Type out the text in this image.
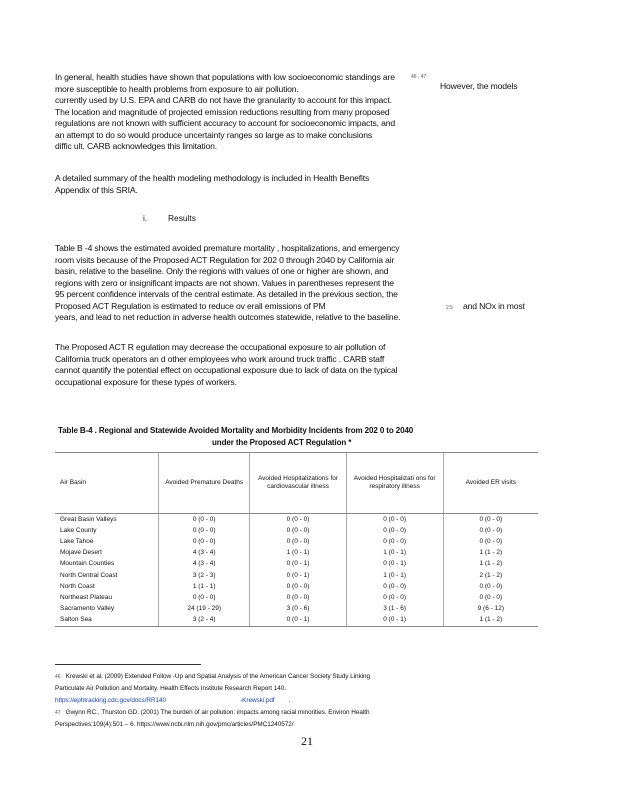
In general, health studies have shown that populations with low socioeconomic standings are	46 , 47
more susceptible to health problems from exposure to air pollution.	However, the models
currently used by U.S. EPA and CARB do not have the granularity to account for this impact.
The location and magnitude of projected emission reductions resulting from many proposed
regulations are not known with sufficient accuracy to account for socioeconomic impacts, and
an attempt to do so would produce uncertainty ranges so large as to make conclusions
diffic ult. CARB acknowledges this limitation.
A detailed summary of the health modeling methodology is included in Health Benefits
Appendix of this SRIA.
i. Results
Table B -4 shows the estimated avoided premature mortality , hospitalizations, and emergency
room visits because of the Proposed ACT Regulation for 202 0 through 2040 by California air
basin, relative to the baseline. Only the regions with values of one or higher are shown, and
regions with zero or insignificant impacts are not shown. Values in parentheses represent the
95 percent confidence intervals of the central estimate. As detailed in the previous section, the
Proposed ACT Regulation is estimated to reduce ov erall emissions of PM	2.5 and NOx in most
years, and lead to net reduction in adverse health outcomes statewide, relative to the baseline.
The Proposed ACT R egulation may decrease the occupational exposure to air pollution of
California truck operators an d other employees who work around truck traffic . CARB staff
cannot quantify the potential effect on occupational exposure due to lack of data on the typical
occupational exposure for these types of workers.
Table B-4 . Regional and Statewide Avoided Mortality and Morbidity Incidents from 202 0 to 2040
under the Proposed ACT Regulation *
Air Basin	Avoided Premature Deaths	Avoided Hospitalizations for cardiovascular illness	Avoided Hospitalizati ons for respiratory illness	Avoided ER visits
Great Basin Valleys	0 (0 - 0)	0 (0 - 0)	0 (0 - 0)	0 (0 - 0)
Lake County	0 (0 - 0)	0 (0 - 0)	0 (0 - 0)	0 (0 - 0)
Lake Tahoe	0 (0 - 0)	0 (0 - 0)	0 (0 - 0)	0 (0 - 0)
Mojave Desert	4 (3 - 4)	1 (0 - 1)	1 (0 - 1)	1 (1 - 2)
Mountain Counties	4 (3 - 4)	0 (0 - 1)	0 (0 - 1)	1 (1 - 2)
North Central Coast	3 (2 - 3)	0 (0 - 1)	1 (0 - 1)	2 (1 - 2)
North Coast	1 (1 - 1)	0 (0 - 0)	0 (0 - 0)	0 (0 - 0)
Northeast Plateau	0 (0 - 0)	0 (0 - 0)	0 (0 - 0)	0 (0 - 0)
Sacramento Valley	24 (19 - 29)	3 (0 - 6)	3 (1 - 6)	9 (6 - 12)
Salton Sea	3 (2 - 4)	0 (0 - 1)	0 (0 - 1)	1 (1 - 2)
46 Krewski et al. (2009) Extended Follow -Up and Spatial Analysis of the American Cancer Society Study Linking
Particulate Air Pollution and Mortality. Health Effects Institute Research Report 140.
https://ephtracking.cdc.gov/docs/RR140	-Krewski.pdf .
47 Gwynn RC., Thurston GD. (2001) The burden of air pollution: impacts among racial minorities. Environ Health
Perspectives;109(4):501 – 6. https://www.ncbi.nlm.nih.gov/pmc/articles/PMC1240572/
21
